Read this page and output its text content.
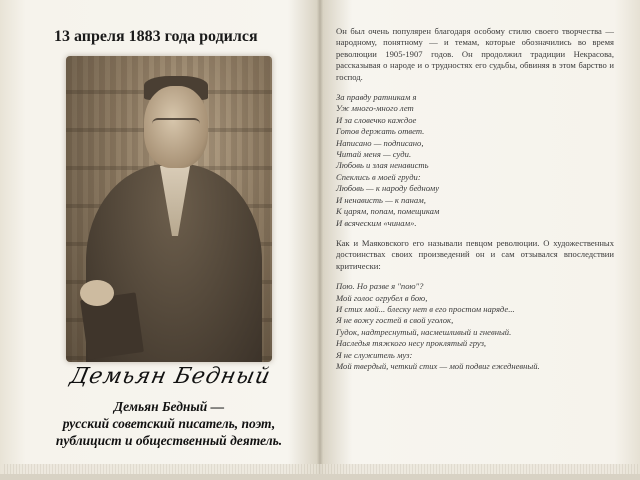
13 апреля 1883 года родился
Демьян Бедный
Демьян Бедный —
русский советский писатель, поэт,
публицист и общественный деятель.

Он был очень популярен благодаря особому стилю своего творчества — народному, понятному — и темам, которые обозначились во время революции 1905-1907 годов. Он продолжил традиции Некрасова, рассказывая о народе и о трудностях его судьбы, обвиняя в этом барство и господ.

За правду ратникам я
Уж много-много лет
И за словечко каждое
Готов держать ответ.
Написано — подписано,
Читай меня — суди.
Любовь и злая ненависть
Спеклись в моей груди:
Любовь — к народу бедному
И ненависть — к панам,
К царям, попам, помещикам
И всяческим «чинам».

Как и Маяковского его называли певцом революции. О художественных достоинствах своих произведений он и сам отзывался впоследствии критически:

Пою. Но разве я "пою"?
Мой голос огрубел в бою,
И стих мой... блеску нет в его простом наряде...
Я не вожу гостей в свой уголок,
Гудок, надтреснутый, насмешливый и гневный.
Наследья тяжкого несу проклятый груз,
Я не служитель муз:
Мой твердый, четкий стих — мой подвиг ежедневный.
